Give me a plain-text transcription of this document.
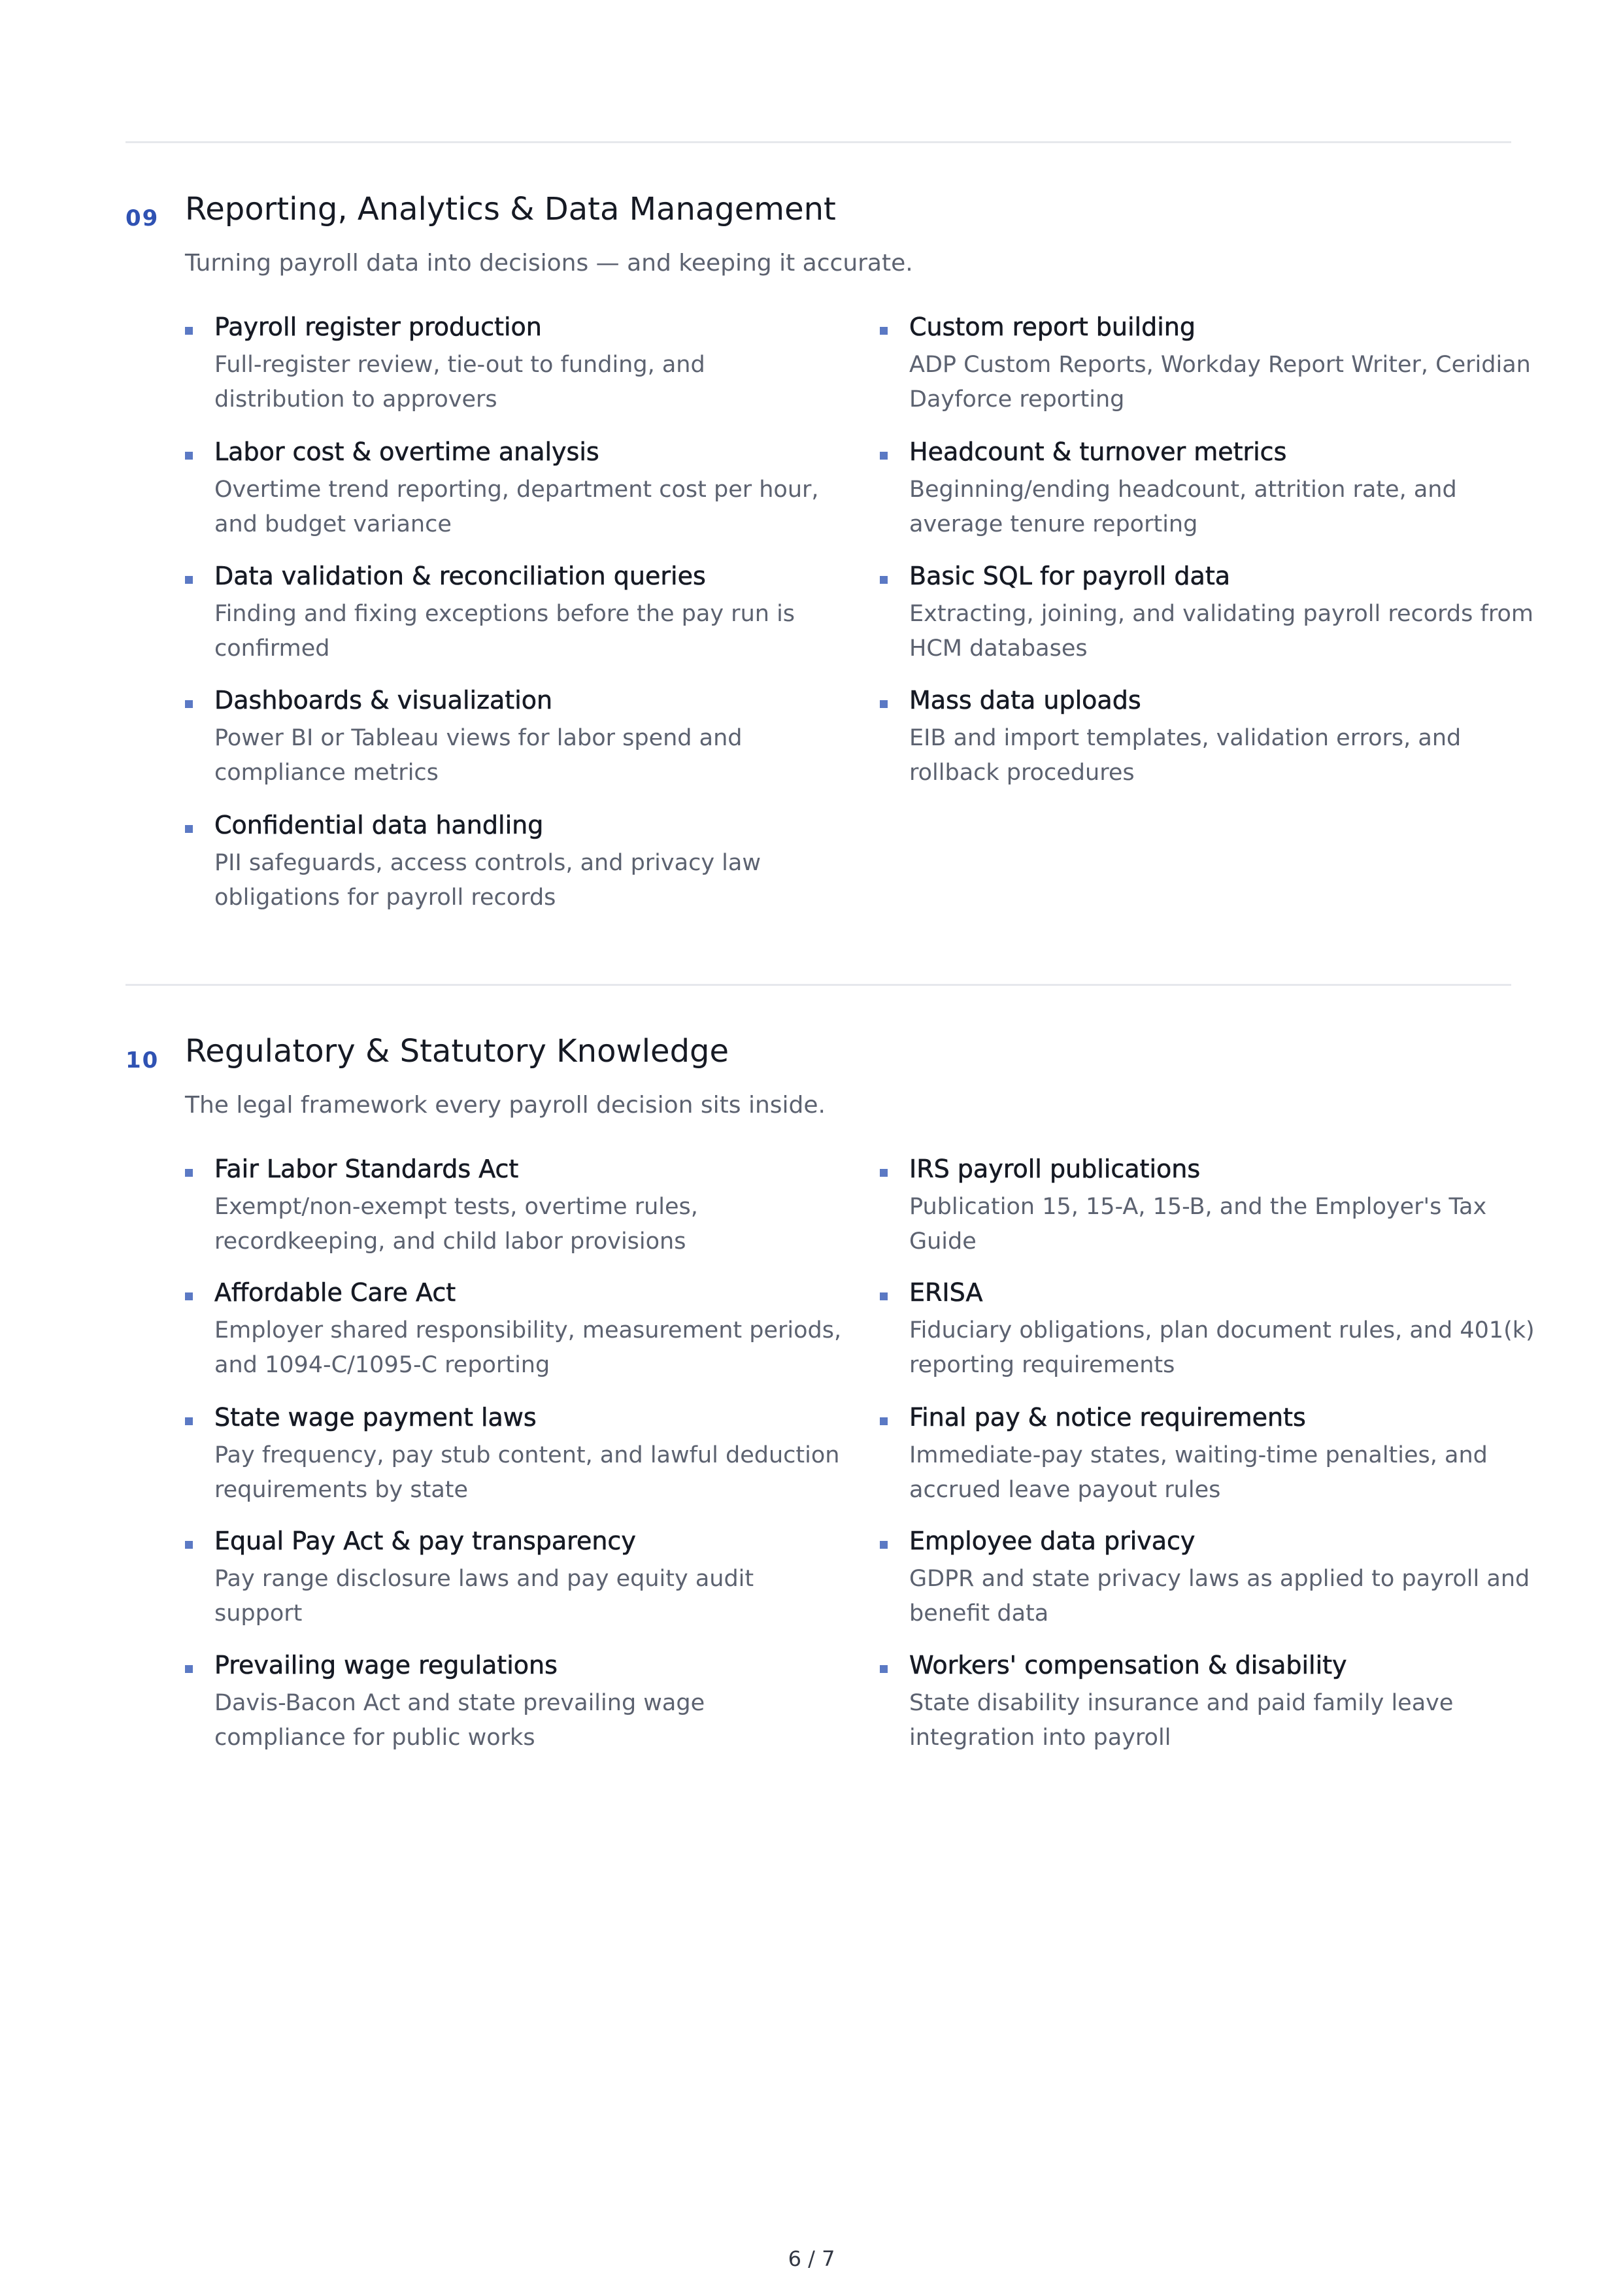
09 Reporting, Analytics & Data Management
Turning payroll data into decisions — and keeping it accurate.
Payroll register production
Full-register review, tie-out to funding, and distribution to approvers
Custom report building
ADP Custom Reports, Workday Report Writer, Ceridian Dayforce reporting
Labor cost & overtime analysis
Overtime trend reporting, department cost per hour, and budget variance
Headcount & turnover metrics
Beginning/ending headcount, attrition rate, and average tenure reporting
Data validation & reconciliation queries
Finding and fixing exceptions before the pay run is confirmed
Basic SQL for payroll data
Extracting, joining, and validating payroll records from HCM databases
Dashboards & visualization
Power BI or Tableau views for labor spend and compliance metrics
Mass data uploads
EIB and import templates, validation errors, and rollback procedures
Confidential data handling
PII safeguards, access controls, and privacy law obligations for payroll records
10 Regulatory & Statutory Knowledge
The legal framework every payroll decision sits inside.
Fair Labor Standards Act
Exempt/non-exempt tests, overtime rules, recordkeeping, and child labor provisions
IRS payroll publications
Publication 15, 15-A, 15-B, and the Employer's Tax Guide
Affordable Care Act
Employer shared responsibility, measurement periods, and 1094-C/1095-C reporting
ERISA
Fiduciary obligations, plan document rules, and 401(k) reporting requirements
State wage payment laws
Pay frequency, pay stub content, and lawful deduction requirements by state
Final pay & notice requirements
Immediate-pay states, waiting-time penalties, and accrued leave payout rules
Equal Pay Act & pay transparency
Pay range disclosure laws and pay equity audit support
Employee data privacy
GDPR and state privacy laws as applied to payroll and benefit data
Prevailing wage regulations
Davis-Bacon Act and state prevailing wage compliance for public works
Workers' compensation & disability
State disability insurance and paid family leave integration into payroll
6 / 7
